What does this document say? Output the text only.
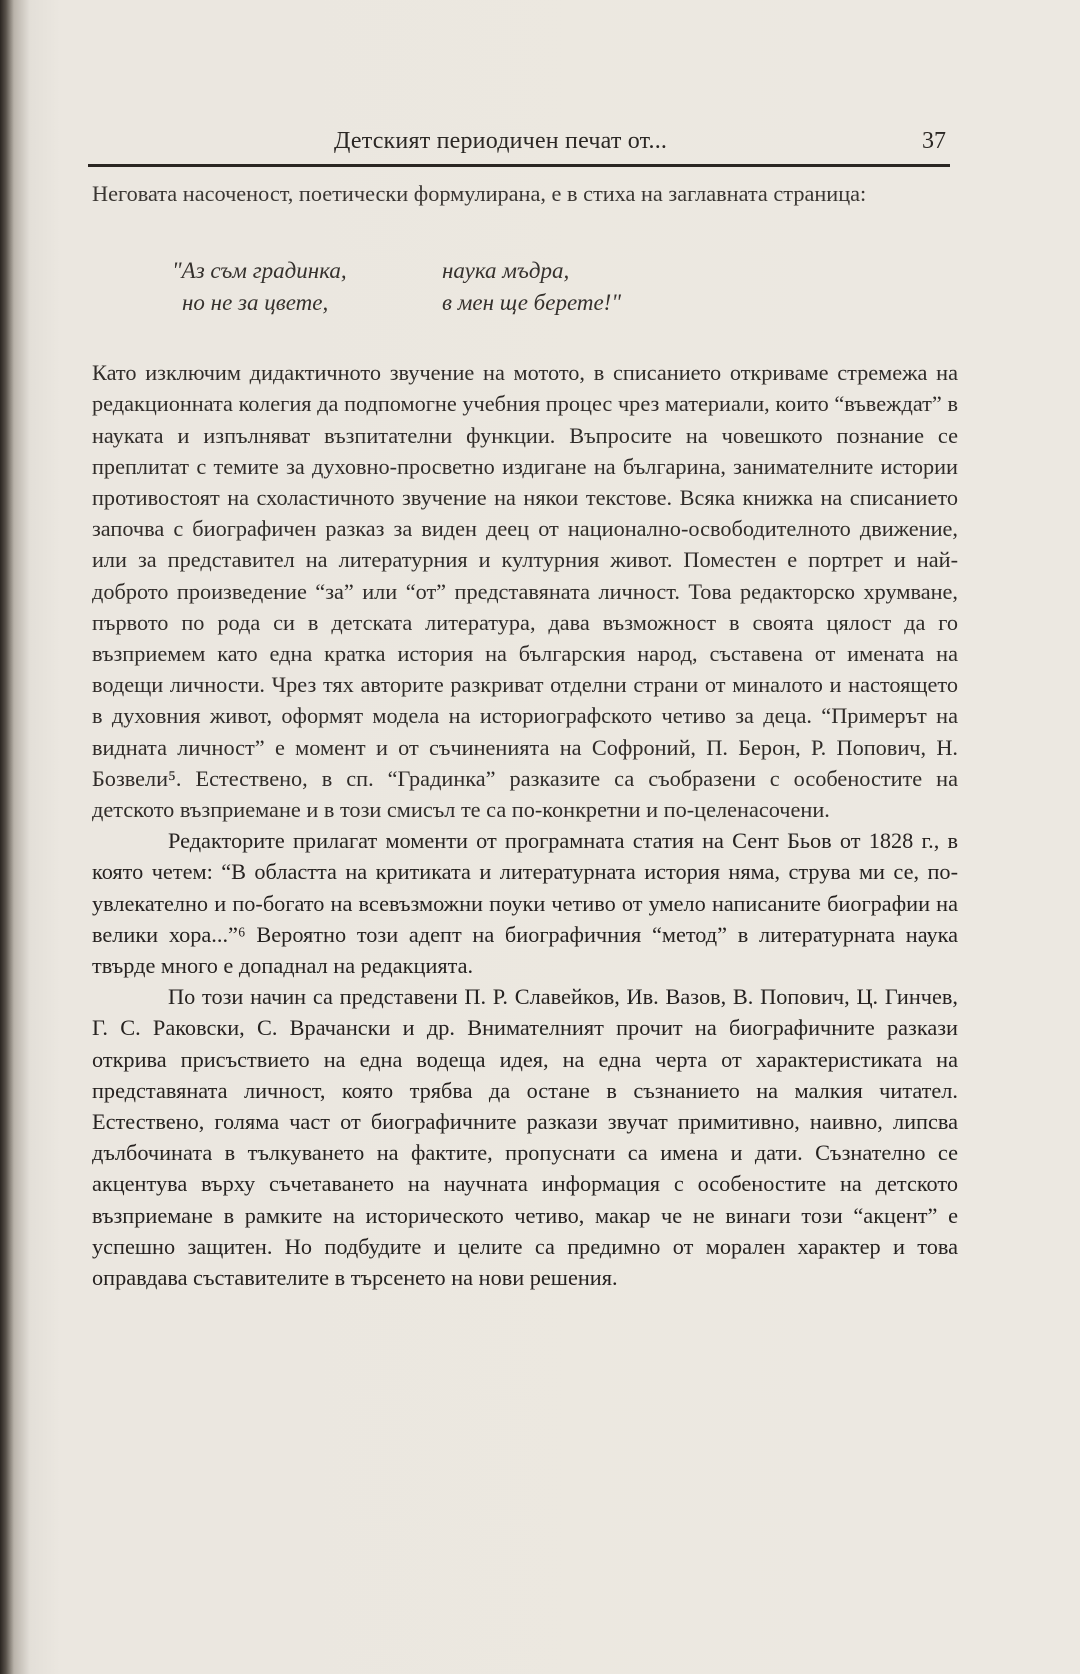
Детският периодичен печат от...	37

Неговата насоченост, поетически формулирана, е в стиха на заглавната страница:

"Аз съм градинка,	наука мъдра,
но не за цвете,	в мен ще берете!"

Като изключим дидактичното звучение на мотото, в списанието откриваме стремежа на редакционната колегия да подпомогне учебния процес чрез материали, които “въвеждат” в науката и изпълняват възпитателни функции. Въпросите на човешкото познание се преплитат с темите за духовно-просветно издигане на българина, занимателните истории противостоят на схоластичното звучение на някои текстове. Всяка книжка на списанието започва с биографичен разказ за виден деец от национално-освободителното движение, или за представител на литературния и културния живот. Поместен е портрет и най-доброто произведение “за” или “от” представяната личност. Това редакторско хрумване, първото по рода си в детската литература, дава възможност в своята цялост да го възприемем като една кратка история на българския народ, съставена от имената на водещи личности. Чрез тях авторите разкриват отделни страни от миналото и настоящето в духовния живот, оформят модела на историографското четиво за деца. “Примерът на видната личност” е момент и от съчиненията на Софроний, П. Берон, Р. Попович, Н. Бозвели⁵. Естествено, в сп. “Градинка” разказите са съобразени с особеностите на детското възприемане и в този смисъл те са по-конкретни и по-целенасочени.

Редакторите прилагат моменти от програмната статия на Сент Бьов от 1828 г., в която четем: “В областта на критиката и литературната история няма, струва ми се, по-увлекателно и по-богато на всевъзможни поуки четиво от умело написаните биографии на велики хора...”⁶ Вероятно този адепт на биографичния “метод” в литературната наука твърде много е допаднал на редакцията.

По този начин са представени П. Р. Славейков, Ив. Вазов, В. Попович, Ц. Гинчев, Г. С. Раковски, С. Врачански и др. Внимателният прочит на биографичните разкази открива присъствието на една водеща идея, на една черта от характеристиката на представяната личност, която трябва да остане в съзнанието на малкия читател. Естествено, голяма част от биографичните разкази звучат примитивно, наивно, липсва дълбочината в тълкуването на фактите, пропуснати са имена и дати. Съзнателно се акцентува върху съчетаването на научната информация с особеностите на детското възприемане в рамките на историческото четиво, макар че не винаги този “акцент” е успешно защитен. Но подбудите и целите са предимно от морален характер и това оправдава съставителите в търсенето на нови решения.
